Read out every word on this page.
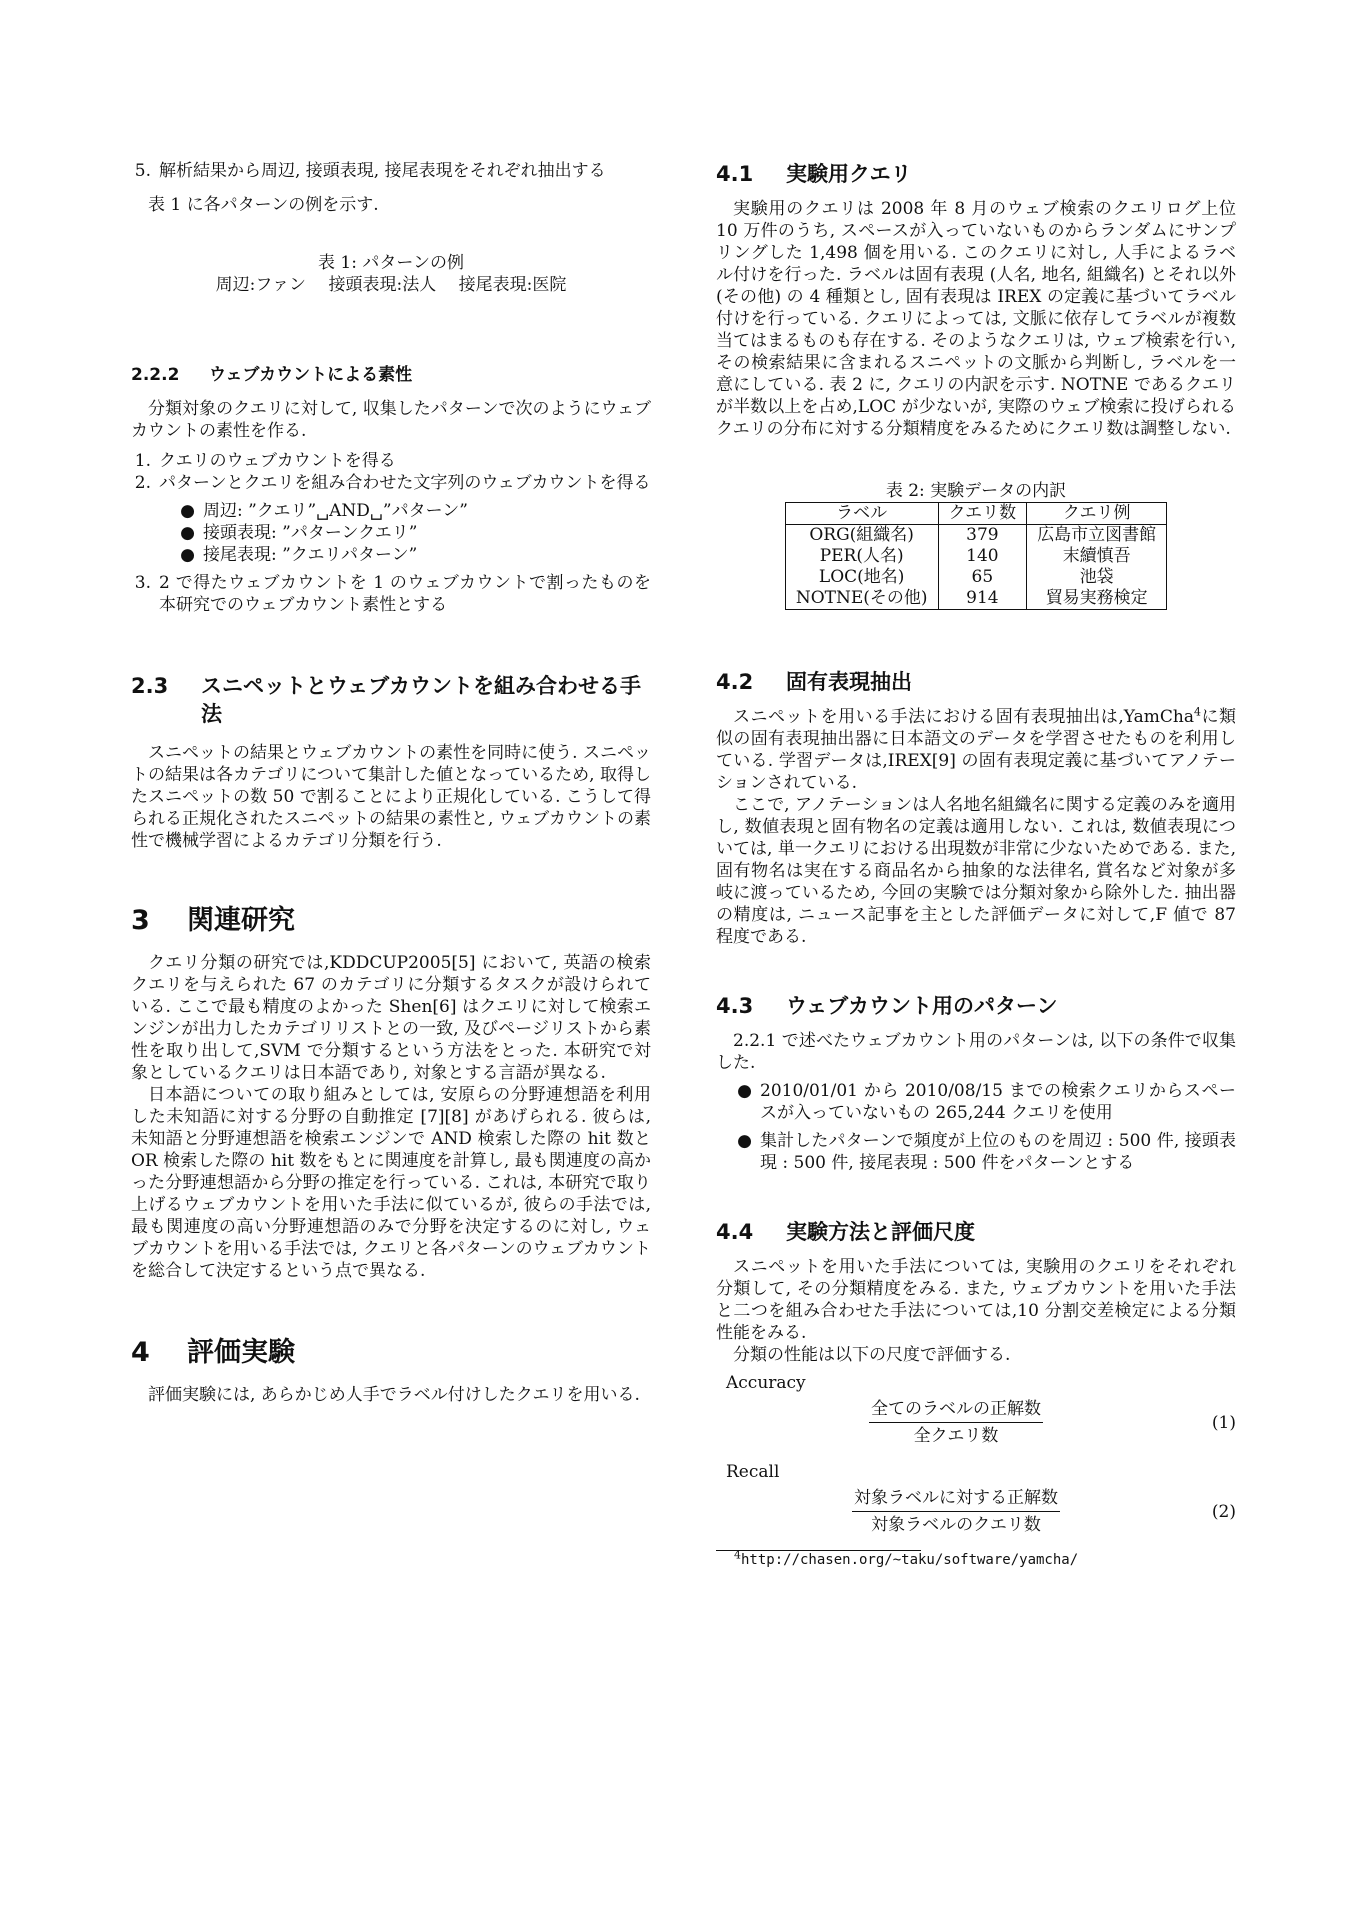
5. 解析結果から周辺, 接頭表現, 接尾表現をそれぞれ抽出する

表 1 に各パターンの例を示す.

表 1: パターンの例
周辺:ファン　 接頭表現:法人　 接尾表現:医院
2.2.2	ウェブカウントによる素性

分類対象のクエリに対して, 収集したパターンで次のようにウェブカウントの素性を作る.

1. クエリのウェブカウントを得る
2. パターンとクエリを組み合わせた文字列のウェブカウントを得る
● 周辺: ”クエリ”␣AND␣”パターン”
● 接頭表現: ”パターンクエリ”
● 接尾表現: ”クエリパターン”
3. 2 で得たウェブカウントを 1 のウェブカウントで割ったものを本研究でのウェブカウント素性とする
2.3	スニペットとウェブカウントを組み合わせる手法

スニペットの結果とウェブカウントの素性を同時に使う. スニペットの結果は各カテゴリについて集計した値となっているため, 取得したスニペットの数 50 で割ることにより正規化している. こうして得られる正規化されたスニペットの結果の素性と, ウェブカウントの素性で機械学習によるカテゴリ分類を行う.

3 関連研究

クエリ分類の研究では,KDDCUP2005[5] において, 英語の検索クエリを与えられた 67 のカテゴリに分類するタスクが設けられている. ここで最も精度のよかった Shen[6] はクエリに対して検索エンジンが出力したカテゴリリストとの一致, 及びページリストから素性を取り出して,SVM で分類するという方法をとった. 本研究で対象としているクエリは日本語であり, 対象とする言語が異なる.

日本語についての取り組みとしては, 安原らの分野連想語を利用した未知語に対する分野の自動推定 [7][8] があげられる. 彼らは, 未知語と分野連想語を検索エンジンで AND 検索した際の hit 数と OR 検索した際の hit 数をもとに関連度を計算し, 最も関連度の高かった分野連想語から分野の推定を行っている. これは, 本研究で取り上げるウェブカウントを用いた手法に似ているが, 彼らの手法では, 最も関連度の高い分野連想語のみで分野を決定するのに対し, ウェブカウントを用いる手法では, クエリと各パターンのウェブカウントを総合して決定するという点で異なる.

4 評価実験

評価実験には, あらかじめ人手でラベル付けしたクエリを用いる.

4.1 実験用クエリ

実験用のクエリは 2008 年 8 月のウェブ検索のクエリログ上位 10 万件のうち, スペースが入っていないものからランダムにサンプリングした 1,498 個を用いる. このクエリに対し, 人手によるラベル付けを行った. ラベルは固有表現 (人名, 地名, 組織名) とそれ以外 (その他) の 4 種類とし, 固有表現は IREX の定義に基づいてラベル付けを行っている. クエリによっては, 文脈に依存してラベルが複数当てはまるものも存在する. そのようなクエリは, ウェブ検索を行い, その検索結果に含まれるスニペットの文脈から判断し, ラベルを一意にしている. 表 2 に, クエリの内訳を示す. NOTNE であるクエリが半数以上を占め,LOC が少ないが, 実際のウェブ検索に投げられるクエリの分布に対する分類精度をみるためにクエリ数は調整しない.

表 2: 実験データの内訳
ラベル	クエリ数	クエリ例
ORG(組織名)	379	広島市立図書館
PER(人名)	140	末續慎吾
LOC(地名)	65	池袋
NOTNE(その他)	914	貿易実務検定
4.2 固有表現抽出

スニペットを用いる手法における固有表現抽出は,YamCha$^4$に類似の固有表現抽出器に日本語文のデータを学習させたものを利用している. 学習データは,IREX[9] の固有表現定義に基づいてアノテーションされている.

ここで, アノテーションは人名地名組織名に関する定義のみを適用し, 数値表現と固有物名の定義は適用しない. これは, 数値表現については, 単一クエリにおける出現数が非常に少ないためである. また, 固有物名は実在する商品名から抽象的な法律名, 賞名など対象が多岐に渡っているため, 今回の実験では分類対象から除外した. 抽出器の精度は, ニュース記事を主とした評価データに対して,F 値で 87 程度である.

4.3 ウェブカウント用のパターン

2.2.1 で述べたウェブカウント用のパターンは, 以下の条件で収集した.

● 2010/01/01 から 2010/08/15 までの検索クエリからスペースが入っていないもの 265,244 クエリを使用
● 集計したパターンで頻度が上位のものを周辺 : 500 件, 接頭表現 : 500 件, 接尾表現 : 500 件をパターンとする
4.4 実験方法と評価尺度

スニペットを用いた手法については, 実験用のクエリをそれぞれ分類して, その分類精度をみる. また, ウェブカウントを用いた手法と二つを組み合わせた手法については,10 分割交差検定による分類性能をみる.

分類の性能は以下の尺度で評価する.

Accuracy
$\frac{\text{全てのラベルの正解数}}{\text{全クエリ数}}$	(1)
Recall
$\frac{\text{対象ラベルに対する正解数}}{\text{対象ラベルのクエリ数}}$	(2)
$^4$http://chasen.org/~taku/software/yamcha/
